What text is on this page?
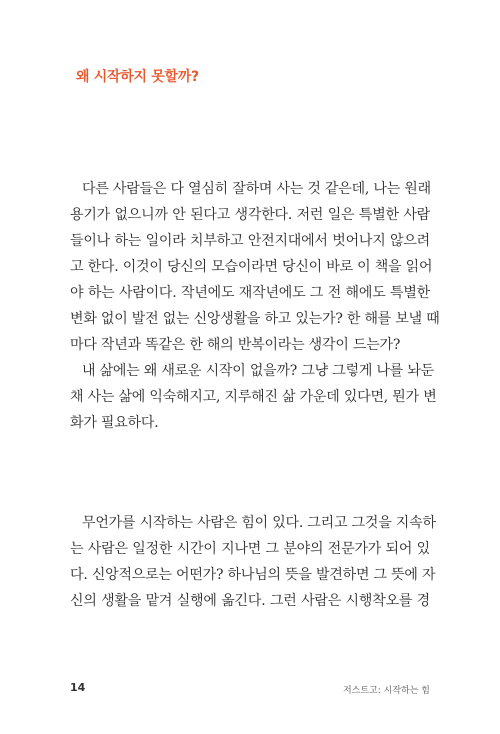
왜 시작하지 못할까?
다른 사람들은 다 열심히 잘하며 사는 것 같은데, 나는 원래
용기가 없으니까 안 된다고 생각한다. 저런 일은 특별한 사람
들이나 하는 일이라 치부하고 안전지대에서 벗어나지 않으려
고 한다. 이것이 당신의 모습이라면 당신이 바로 이 책을 읽어
야 하는 사람이다. 작년에도 재작년에도 그 전 해에도 특별한
변화 없이 발전 없는 신앙생활을 하고 있는가? 한 해를 보낼 때
마다 작년과 똑같은 한 해의 반복이라는 생각이 드는가?
내 삶에는 왜 새로운 시작이 없을까? 그냥 그렇게 나를 놔둔
채 사는 삶에 익숙해지고, 지루해진 삶 가운데 있다면, 뭔가 변
화가 필요하다.
무언가를 시작하는 사람은 힘이 있다. 그리고 그것을 지속하
는 사람은 일정한 시간이 지나면 그 분야의 전문가가 되어 있
다. 신앙적으로는 어떤가? 하나님의 뜻을 발견하면 그 뜻에 자
신의 생활을 맡겨 실행에 옮긴다. 그런 사람은 시행착오를 경
14	저스트고: 시작하는 힘
